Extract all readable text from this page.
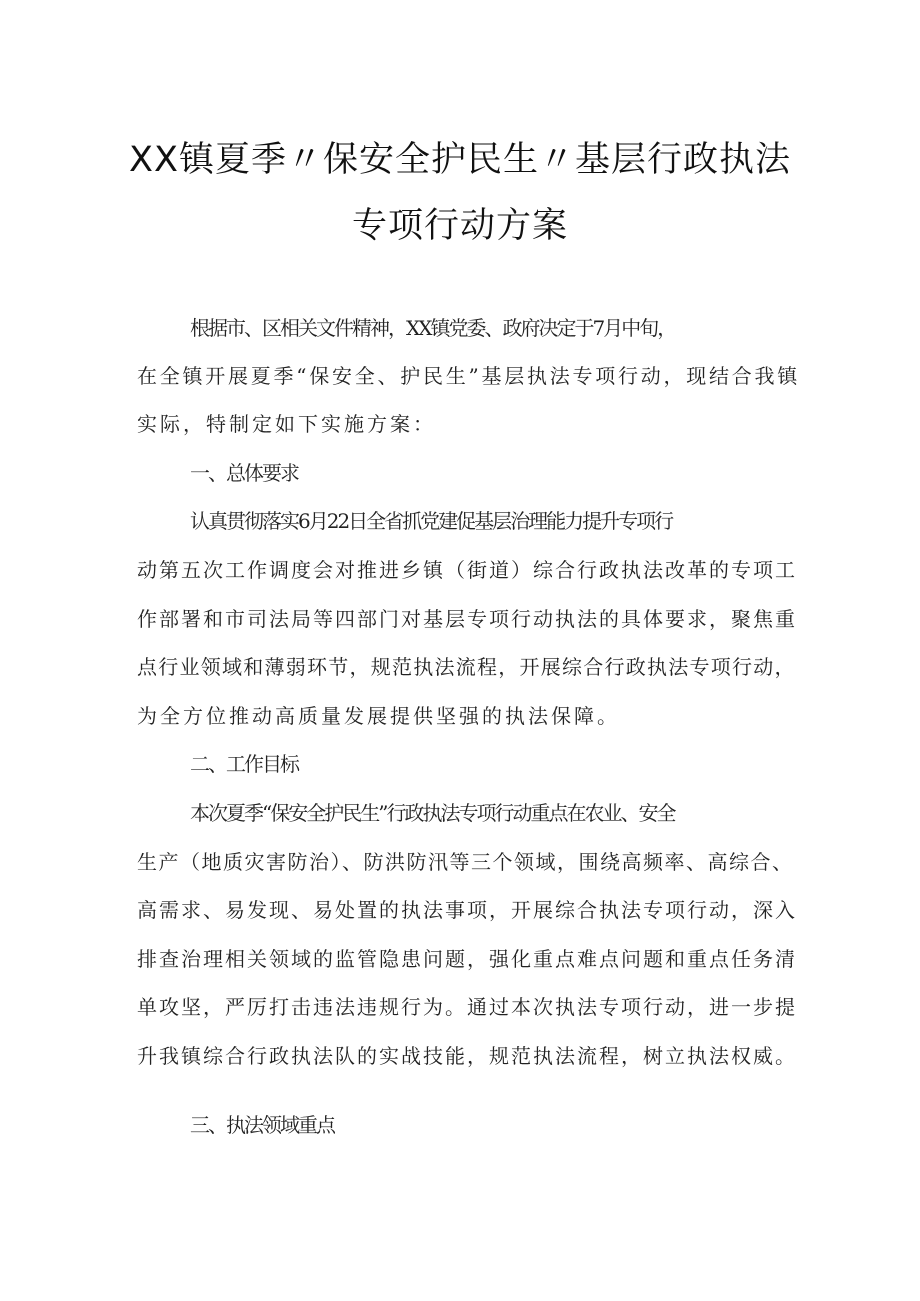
XX镇夏季〃保安全护民生〃基层行政执法
专项行动方案
根据市、区相关文件精神，XX镇党委、政府决定于7月中旬，
在全镇开展夏季“保安全、护民生”基层执法专项行动，现结合我镇
实际，特制定如下实施方案：
一、总体要求
认真贯彻落实6月22日全省抓党建促基层治理能力提升专项行
动第五次工作调度会对推进乡镇（街道）综合行政执法改革的专项工
作部署和市司法局等四部门对基层专项行动执法的具体要求，聚焦重
点行业领域和薄弱环节，规范执法流程，开展综合行政执法专项行动，
为全方位推动高质量发展提供坚强的执法保障。
二、工作目标
本次夏季“保安全护民生”行政执法专项行动重点在农业、安全
生产（地质灾害防治）、防洪防汛等三个领域，围绕高频率、高综合、
高需求、易发现、易处置的执法事项，开展综合执法专项行动，深入
排查治理相关领域的监管隐患问题，强化重点难点问题和重点任务清
单攻坚，严厉打击违法违规行为。通过本次执法专项行动，进一步提
升我镇综合行政执法队的实战技能，规范执法流程，树立执法权威。
三、执法领域重点
